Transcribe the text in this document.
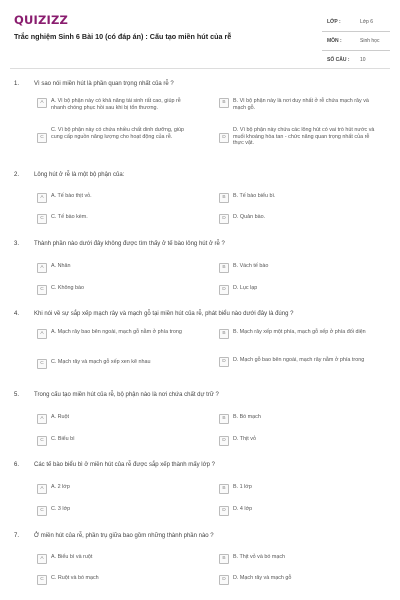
QUIZIZZ
Trắc nghiệm Sinh 6 Bài 10 (có đáp án) : Cấu tạo miền hút của rễ
LỚP :	Lớp 6
MÔN :	Sinh học
SỐ CÂU : 10
1. Vì sao nói miền hút là phần quan trọng nhất của rễ ?
A	A. Vì bộ phận này có khả năng tái sinh rất cao, giúp rễ nhanh chóng phục hồi sau khi bị tổn thương.
B	B. Vì bộ phận này là nơi duy nhất ở rễ chứa mạch rây và mạch gỗ.
C
C. Vì bộ phận này có chứa nhiều chất dinh dưỡng, giúp cung cấp nguồn năng lượng cho hoạt động của rễ.	D
D. Vì bộ phận này chứa các lông hút có vai trò hút nước và muối khoáng hòa tan - chức năng quan trọng nhất của rễ thực vật.
2. Lông hút ở rễ là một bộ phận của:
A	A. Tế bào thịt vỏ.	B	B. Tế bào biểu bì.
C	C. Tế bào kèm.	D	D. Quản bào.
3. Thành phần nào dưới đây không được tìm thấy ở tế bào lông hút ở rễ ?
A	A. Nhân	B	B. Vách tế bào
C	C. Không bào	D	D. Lục lạp
4. Khi nói về sự sắp xếp mạch rây và mạch gỗ tại miền hút của rễ, phát biểu nào dưới đây là đúng ?
A	A. Mạch rây bao bên ngoài, mạch gỗ nằm ở phía trong	B	B. Mạch rây xếp một phía, mạch gỗ xếp ở phía đối diện
C	C. Mạch rây và mạch gỗ xếp xen kẽ nhau	D	D. Mạch gỗ bao bên ngoài, mạch rây nằm ở phía trong
5. Trong cấu tạo miền hút của rễ, bộ phận nào là nơi chứa chất dự trữ ?
A	A. Ruột	B	B. Bó mạch
C	C. Biểu bì	D	D. Thịt vỏ
6. Các tế bào biểu bì ở miền hút của rễ được sắp xếp thành mấy lớp ?
A	A. 2 lớp	B	B. 1 lớp
C	C. 3 lớp	D	D. 4 lớp
7. Ở miền hút của rễ, phần trụ giữa bao gồm những thành phần nào ?
A	A. Biểu bì và ruột	B	B. Thịt vỏ và bó mạch
C	C. Ruột và bó mạch	D	D. Mạch rây và mạch gỗ
